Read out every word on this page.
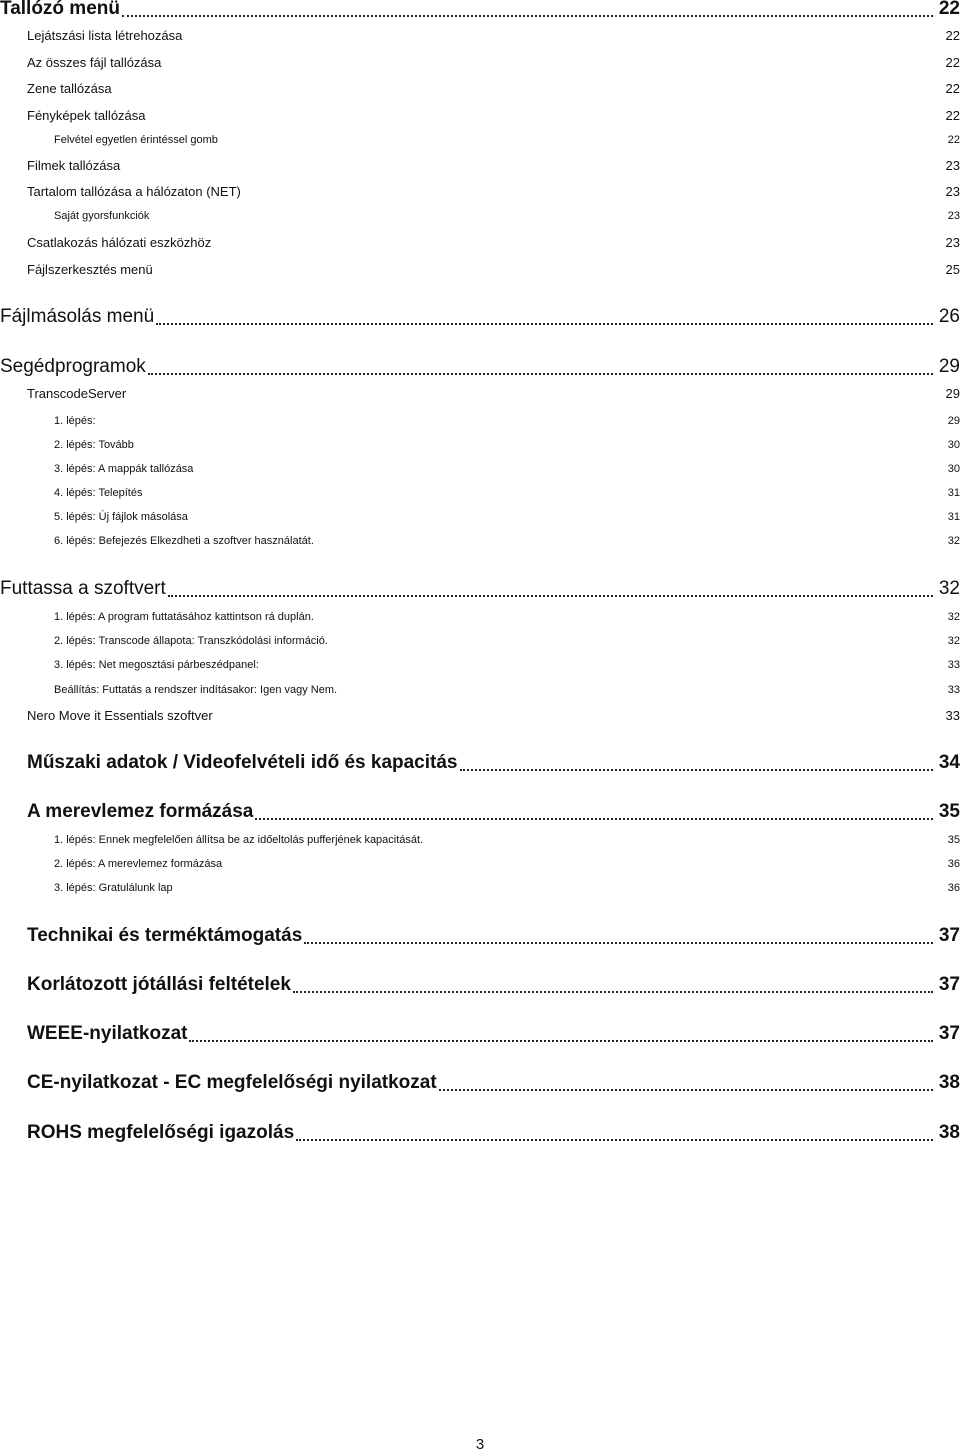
Tallózó menü	22
Lejátszási lista létrehozása	22
Az összes fájl tallózása	22
Zene tallózása	22
Fényképek tallózása	22
Felvétel egyetlen érintéssel gomb	22
Filmek tallózása	23
Tartalom tallózása a hálózaton (NET)	23
Saját gyorsfunkciók	23
Csatlakozás hálózati eszközhöz	23
Fájlszerkesztés menü	25
Fájlmásolás menü	26
Segédprogramok	29
TranscodeServer	29
1. lépés:	29
2. lépés: Tovább	30
3. lépés: A mappák tallózása	30
4. lépés: Telepítés	31
5. lépés: Új fájlok másolása	31
6. lépés: Befejezés Elkezdheti a szoftver használatát.	32
Futtassa a szoftvert	32
1. lépés: A program futtatásához kattintson rá duplán.	32
2. lépés: Transcode állapota: Transzkódolási információ.	32
3. lépés: Net megosztási párbeszédpanel:	33
Beállítás: Futtatás a rendszer indításakor: Igen vagy Nem.	33
Nero Move it Essentials szoftver	33
Műszaki adatok / Videofelvételi idő és kapacitás	34
A merevlemez formázása	35
1. lépés: Ennek megfelelően állítsa be az időeltolás pufferjének kapacitását.	35
2. lépés: A merevlemez formázása	36
3. lépés: Gratulálunk lap	36
Technikai és terméktámogatás	37
Korlátozott jótállási feltételek	37
WEEE-nyilatkozat	37
CE-nyilatkozat - EC megfelelőségi nyilatkozat	38
ROHS megfelelőségi igazolás	38
3
